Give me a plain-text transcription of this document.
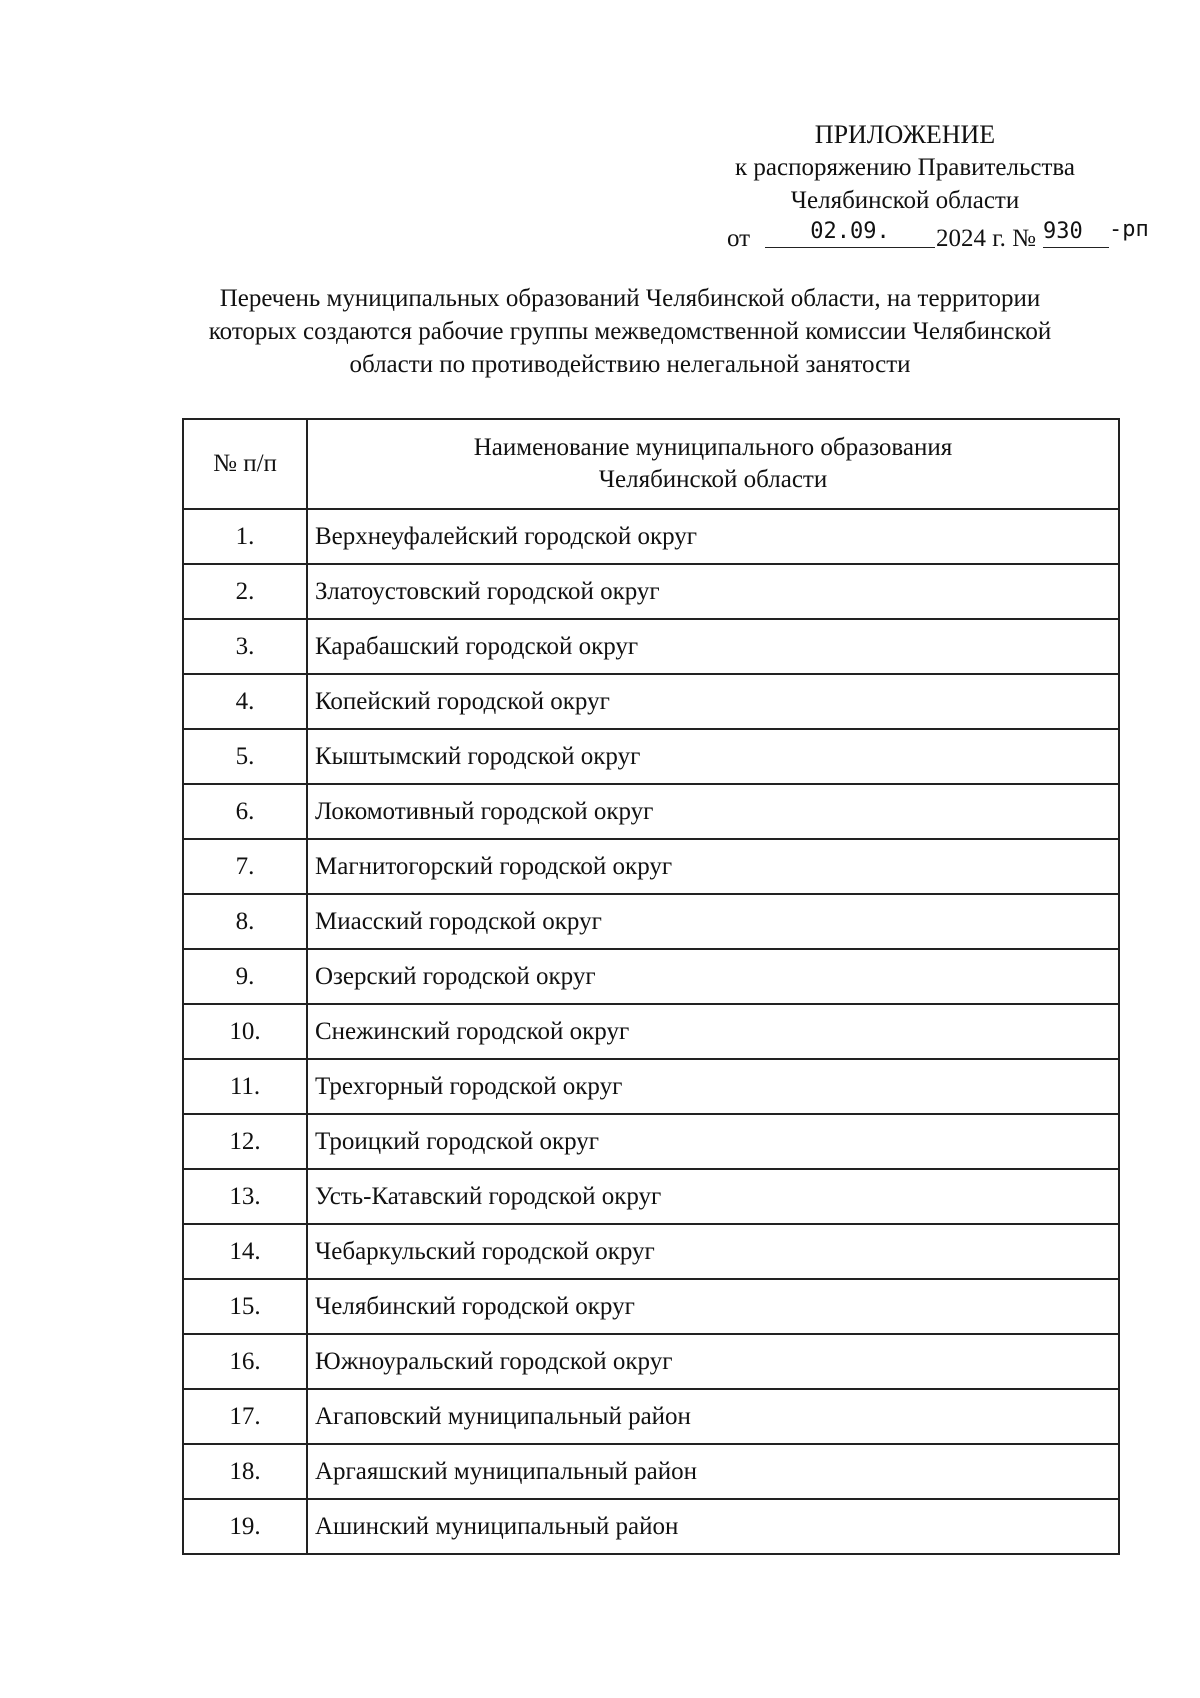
ПРИЛОЖЕНИЕ
к распоряжению Правительства
Челябинской области
от	02.09.	2024 г. № 930 -рп
Перечень муниципальных образований Челябинской области, на территории
которых создаются рабочие группы межведомственной комиссии Челябинской
области по противодействию нелегальной занятости
№ п/п	Наименование муниципального образования
Челябинской области

1.	Верхнеуфалейский городской округ
2.	Златоустовский городской округ
3.	Карабашский городской округ
4.	Копейский городской округ
5.	Кыштымский городской округ
6.	Локомотивный городской округ
7.	Магнитогорский городской округ
8.	Миасский городской округ
9.	Озерский городской округ
10.	Снежинский городской округ
11.	Трехгорный городской округ
12.	Троицкий городской округ
13.	Усть-Катавский городской округ
14.	Чебаркульский городской округ
15.	Челябинский городской округ
16.	Южноуральский городской округ
17.	Агаповский муниципальный район
18.	Аргаяшский муниципальный район
19.	Ашинский муниципальный район
